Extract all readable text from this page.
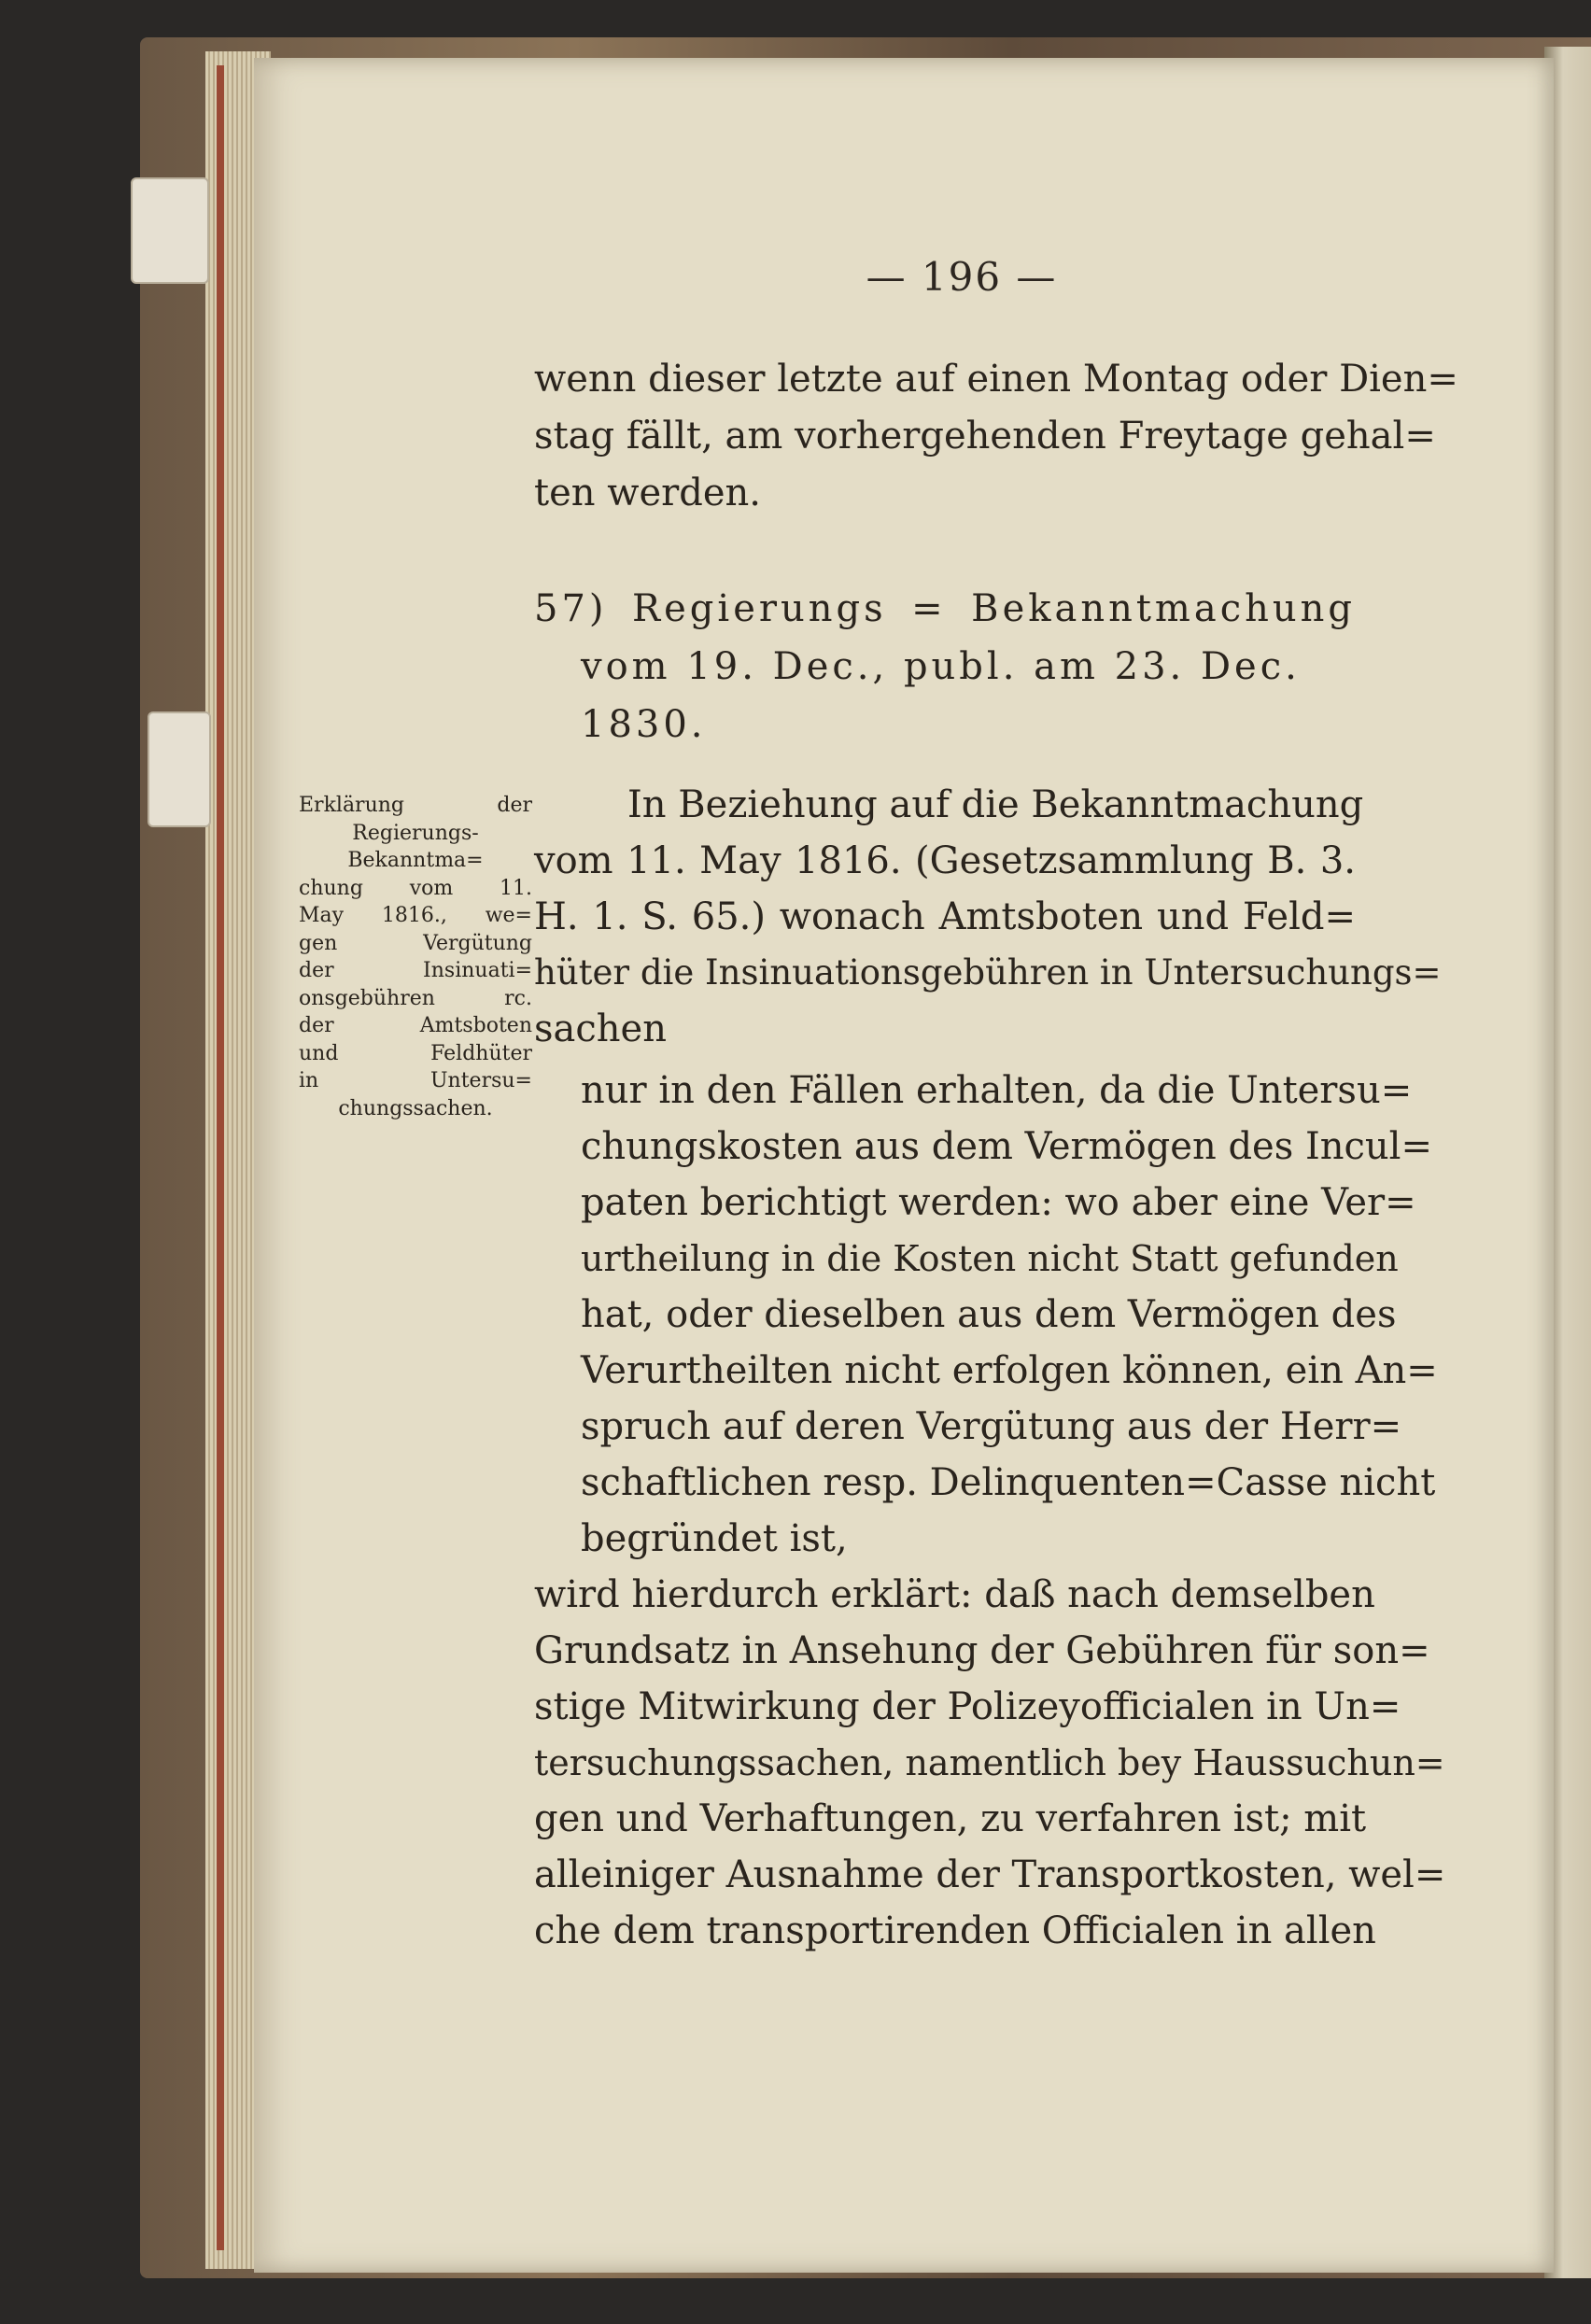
— 196 —
wenn dieser letzte auf einen Montag oder Dien=
stag fällt, am vorhergehenden Freytage gehal=
ten werden.
57) Regierungs = Bekanntmachung
vom 19. Dec., publ. am 23. Dec.
1830.
Erklärung der
Regierungs-
Bekanntma=
chung vom 11.
May 1816., we=
gen Vergütung
der Insinuati=
onsgebühren rc.
der Amtsboten
und Feldhüter
in Untersu=
chungssachen.
In Beziehung auf die Bekanntmachung
vom 11. May 1816. (Gesetzsammlung B. 3.
H. 1. S. 65.) wonach Amtsboten und Feld=
hüter die Insinuationsgebühren in Untersuchungs=
sachen
nur in den Fällen erhalten, da die Untersu=
chungskosten aus dem Vermögen des Incul=
paten berichtigt werden: wo aber eine Ver=
urtheilung in die Kosten nicht Statt gefunden
hat, oder dieselben aus dem Vermögen des
Verurtheilten nicht erfolgen können, ein An=
spruch auf deren Vergütung aus der Herr=
schaftlichen resp. Delinquenten=Casse nicht
begründet ist,
wird hierdurch erklärt: daß nach demselben
Grundsatz in Ansehung der Gebühren für son=
stige Mitwirkung der Polizeyofficialen in Un=
tersuchungssachen, namentlich bey Haussuchun=
gen und Verhaftungen, zu verfahren ist; mit
alleiniger Ausnahme der Transportkosten, wel=
che dem transportirenden Officialen in allen
